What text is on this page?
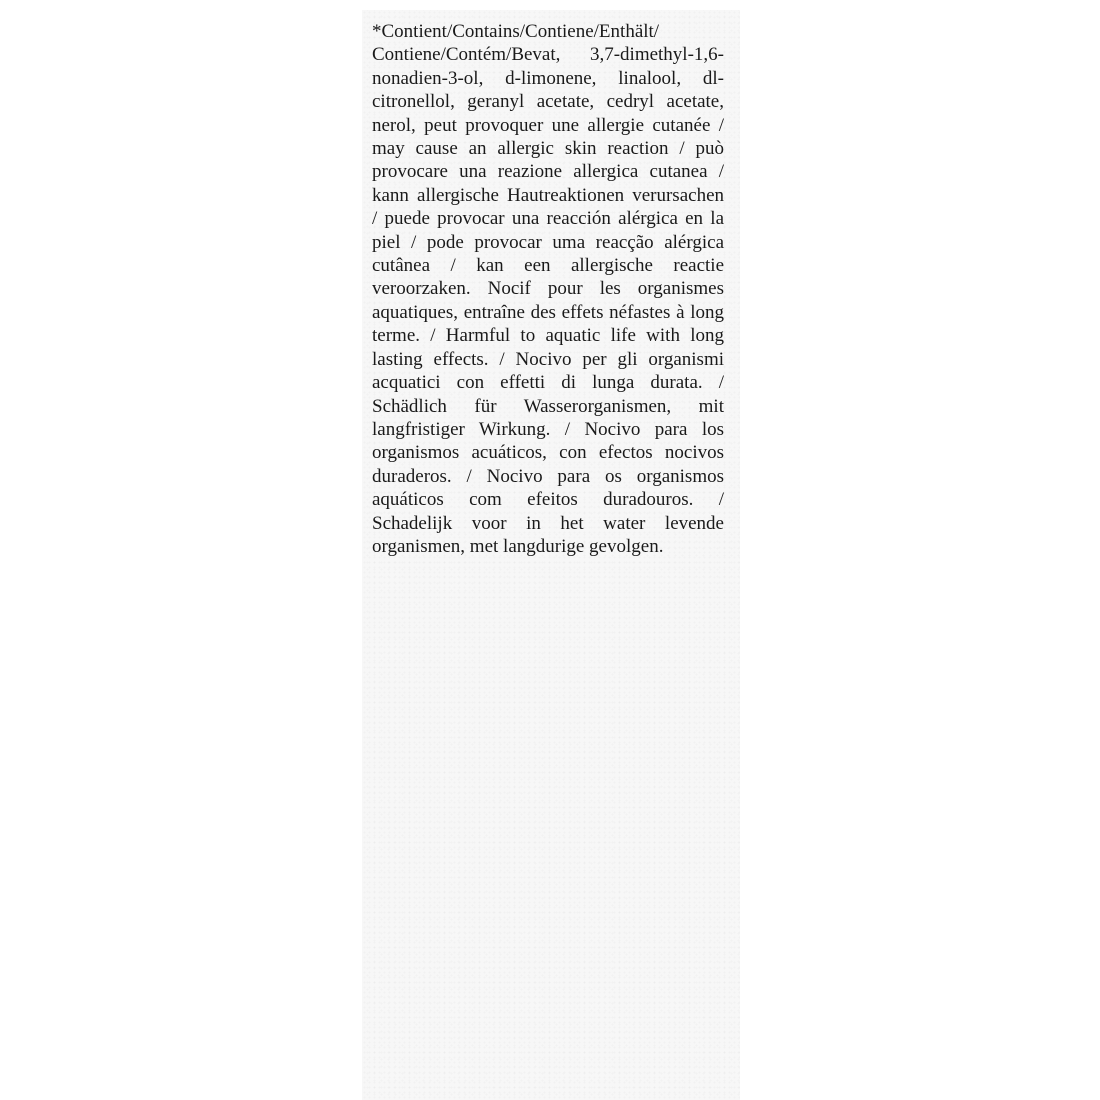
*Contient/Contains/Contiene/Enthält/ Contiene/Contém/Bevat, 3,7-dimethyl-1,6-nonadien-3-ol, d-limonene, linalool, dl-citronellol, geranyl acetate, cedryl acetate, nerol, peut provoquer une allergie cutanée / may cause an allergic skin reaction / può provocare una reazione allergica cutanea / kann allergische Hautreaktionen verursachen / puede provocar una reacción alérgica en la piel / pode provocar uma reacção alérgica cutânea / kan een allergische reactie veroorzaken. Nocif pour les organismes aquatiques, entraîne des effets néfastes à long terme. / Harmful to aquatic life with long lasting effects. / Nocivo per gli organismi acquatici con effetti di lunga durata. / Schädlich für Wasserorganismen, mit langfristiger Wirkung. / Nocivo para los organismos acuáticos, con efectos nocivos duraderos. / Nocivo para os organismos aquáticos com efeitos duradouros. / Schadelijk voor in het water levende organismen, met langdurige gevolgen.
